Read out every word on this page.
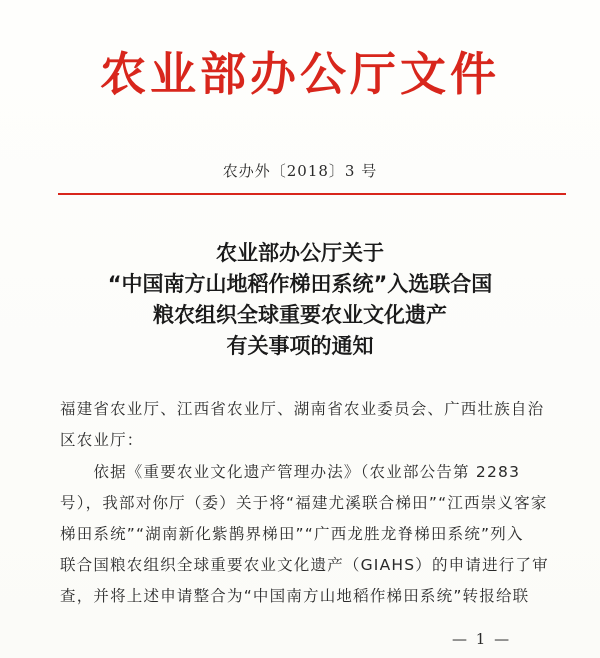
农业部办公厅文件
农办外〔2018〕3 号
农业部办公厅关于
“中国南方山地稻作梯田系统”入选联合国
粮农组织全球重要农业文化遗产
有关事项的通知
福建省农业厅、江西省农业厅、湖南省农业委员会、广西壮族自治
区农业厅：
　　依据《重要农业文化遗产管理办法》（农业部公告第 2283
号），我部对你厅（委）关于将“福建尤溪联合梯田”“江西崇义客家
梯田系统”“湖南新化紫鹊界梯田”“广西龙胜龙脊梯田系统”列入
联合国粮农组织全球重要农业文化遗产（GIAHS）的申请进行了审
查，并将上述申请整合为“中国南方山地稻作梯田系统”转报给联
— 1 —
